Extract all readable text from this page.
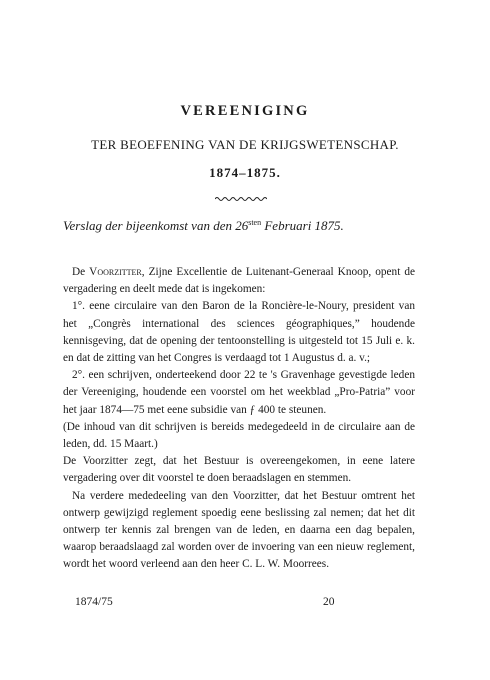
VEREENIGING
TER BEOEFENING VAN DE KRIJGSWETENSCHAP.
1874–1875.
Verslag der bijeenkomst van den $26^{sten}$ Februari 1875.

De Voorzitter, Zijne Excellentie de Luitenant-Generaal Knoop, opent de vergadering en deelt mede dat is ingekomen:

1°. eene circulaire van den Baron de la Roncière-le-Noury, president van het „Congrès international des sciences géographiques,” houdende kennisgeving, dat de opening der tentoonstelling is uitgesteld tot 15 Juli e. k. en dat de zitting van het Congres is verdaagd tot 1 Augustus d. a. v.;

2°. een schrijven, onderteekend door 22 te 's Gravenhage gevestigde leden der Vereeniging, houdende een voorstel om het weekblad „Pro-Patria” voor het jaar 1874—75 met eene subsidie van ƒ 400 te steunen.

(De inhoud van dit schrijven is bereids medegedeeld in de circulaire aan de leden, dd. 15 Maart.)

De Voorzitter zegt, dat het Bestuur is overeengekomen, in eene latere vergadering over dit voorstel te doen beraadslagen en stemmen.

Na verdere mededeeling van den Voorzitter, dat het Bestuur omtrent het ontwerp gewijzigd reglement spoedig eene beslissing zal nemen; dat het dit ontwerp ter kennis zal brengen van de leden, en daarna een dag bepalen, waarop beraadslaagd zal worden over de invoering van een nieuw reglement, wordt het woord verleend aan den heer C. L. W. Moorrees.

1874/75	20
